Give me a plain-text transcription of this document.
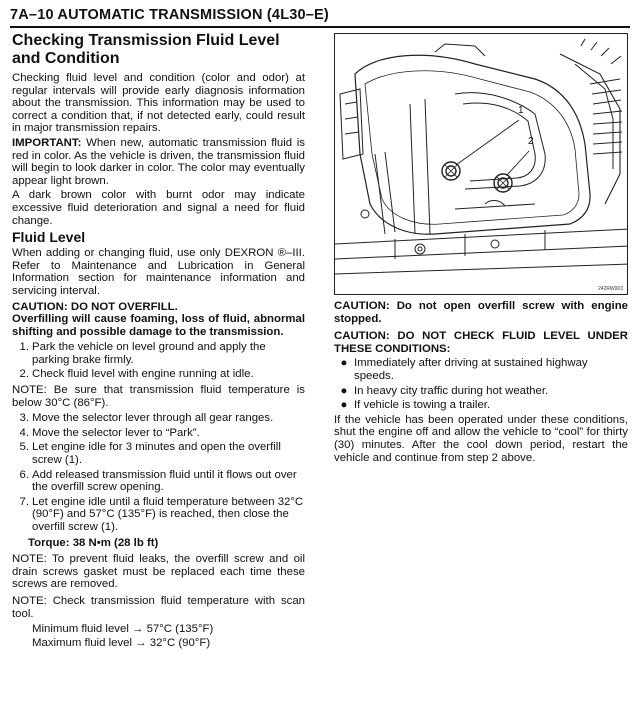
7A–10 AUTOMATIC TRANSMISSION (4L30–E)
Checking Transmission Fluid Level and Condition

Checking fluid level and condition (color and odor) at regular intervals will provide early diagnosis information about the transmission. This information may be used to correct a condition that, if not detected early, could result in major transmission repairs.

IMPORTANT: When new, automatic transmission fluid is red in color. As the vehicle is driven, the transmission fluid will begin to look darker in color. The color may eventually appear light brown.

A dark brown color with burnt odor may indicate excessive fluid deterioration and signal a need for fluid change.

Fluid Level

When adding or changing fluid, use only DEXRON ®–III. Refer to Maintenance and Lubrication in General Information section for maintenance information and servicing interval.

CAUTION: DO NOT OVERFILL.

Overfilling will cause foaming, loss of fluid, abnormal shifting and possible damage to the transmission.

1. Park the vehicle on level ground and apply the parking brake firmly.
2. Check fluid level with engine running at idle.

NOTE: Be sure that transmission fluid temperature is below 30°C (86°F).

3. Move the selector lever through all gear ranges.
4. Move the selector lever to “Park”.
5. Let engine idle for 3 minutes and open the overfill screw (1).
6. Add released transmission fluid until it flows out over the overfill screw opening.
7. Let engine idle until a fluid temperature between 32°C (90°F) and 57°C (135°F) is reached, then close the overfill screw (1).
Torque: 38 N•m (28 lb ft)

NOTE: To prevent fluid leaks, the overfill screw and oil drain screws gasket must be replaced each time these screws are removed.

NOTE: Check transmission fluid temperature with scan tool.

Minimum fluid level → 57°C (135°F)
Maximum fluid level → 32°C (90°F)
1
2
242RW003

CAUTION: Do not open overfill screw with engine stopped.

CAUTION: DO NOT CHECK FLUID LEVEL UNDER THESE CONDITIONS:

● Immediately after driving at sustained highway speeds.
● In heavy city traffic during hot weather.
● If vehicle is towing a trailer.

If the vehicle has been operated under these conditions, shut the engine off and allow the vehicle to “cool” for thirty (30) minutes. After the cool down period, restart the vehicle and continue from step 2 above.
